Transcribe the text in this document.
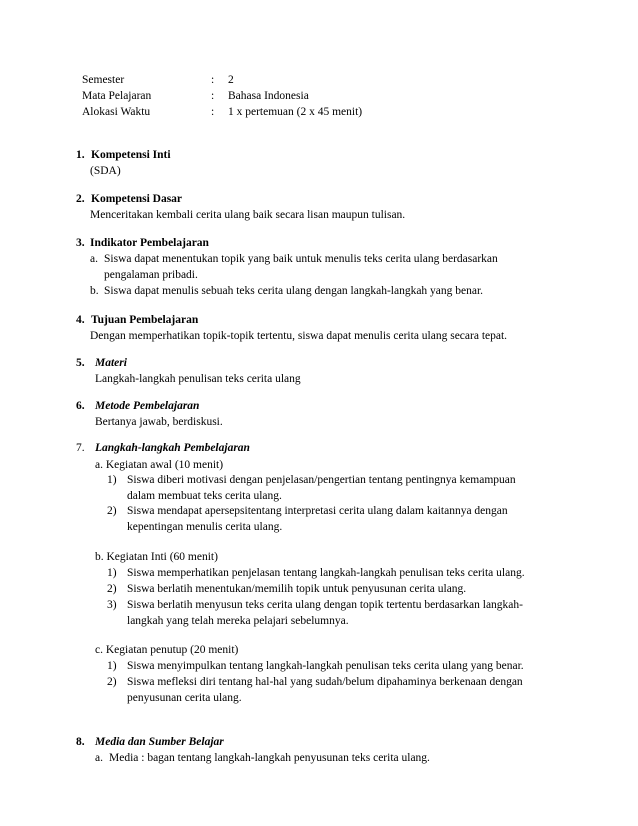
Semester	: 2
Mata Pelajaran	: Bahasa Indonesia
Alokasi Waktu	: 1 x pertemuan (2 x 45 menit)
1. Kompetensi Inti
(SDA)
2. Kompetensi Dasar
Menceritakan kembali cerita ulang baik secara lisan maupun tulisan.
3. Indikator Pembelajaran
a. Siswa dapat menentukan topik yang baik untuk menulis teks cerita ulang berdasarkan
pengalaman pribadi.
b. Siswa dapat menulis sebuah teks cerita ulang dengan langkah-langkah yang benar.
4. Tujuan Pembelajaran
Dengan memperhatikan topik-topik tertentu, siswa dapat menulis cerita ulang secara tepat.
5. Materi
Langkah-langkah penulisan teks cerita ulang
6. Metode Pembelajaran
Bertanya jawab, berdiskusi.
7. Langkah-langkah Pembelajaran
a. Kegiatan awal (10 menit)
1) Siswa diberi motivasi dengan penjelasan/pengertian tentang pentingnya kemampuan
dalam membuat teks cerita ulang.
2) Siswa mendapat apersepsitentang interpretasi cerita ulang dalam kaitannya dengan
kepentingan menulis cerita ulang.
b. Kegiatan Inti (60 menit)
1) Siswa memperhatikan penjelasan tentang langkah-langkah penulisan teks cerita ulang.
2) Siswa berlatih menentukan/memilih topik untuk penyusunan cerita ulang.
3) Siswa berlatih menyusun teks cerita ulang dengan topik tertentu berdasarkan langkah-
langkah yang telah mereka pelajari sebelumnya.
c. Kegiatan penutup (20 menit)
1) Siswa menyimpulkan tentang langkah-langkah penulisan teks cerita ulang yang benar.
2) Siswa mefleksi diri tentang hal-hal yang sudah/belum dipahaminya berkenaan dengan
penyusunan cerita ulang.
8. Media dan Sumber Belajar
a. Media : bagan tentang langkah-langkah penyusunan teks cerita ulang.
